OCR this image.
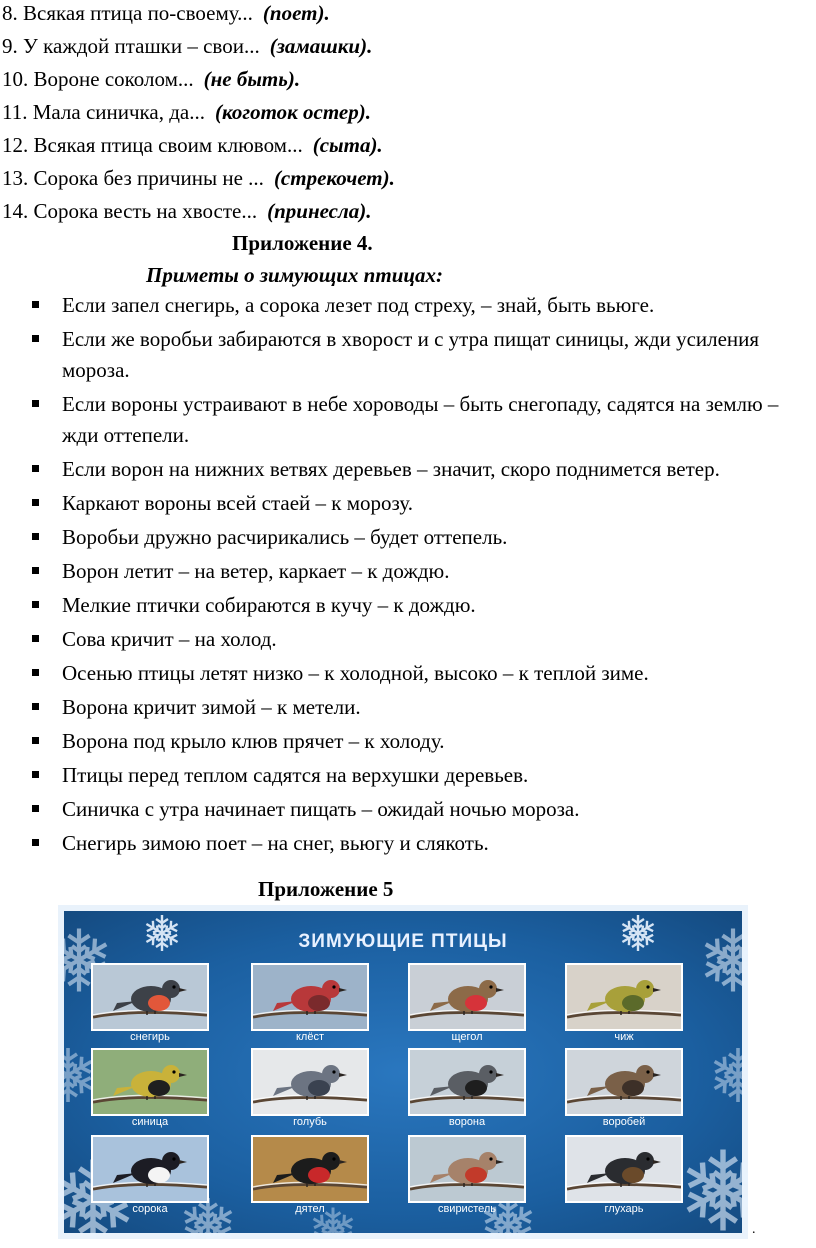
8. Всякая птица по-своему... (поет).
9. У каждой пташки – свои... (замашки).
10. Вороне соколом... (не быть).
11. Мала синичка, да... (коготок остер).
12. Всякая птица своим клювом... (сыта).
13. Сорока без причины не ... (стрекочет).
14. Сорока весть на хвосте... (принесла).
Приложение 4.
Приметы о зимующих птицах:
Если запел снегирь, а сорока лезет под стреху, – знай, быть вьюге.
Если же воробьи забираются в хворост и с утра пищат синицы, жди усиления мороза.
Если вороны устраивают в небе хороводы – быть снегопаду, садятся на землю – жди оттепели.
Если ворон на нижних ветвях деревьев – значит, скоро поднимется ветер.
Каркают вороны всей стаей – к морозу.
Воробьи дружно расчирикались – будет оттепель.
Ворон летит – на ветер, каркает – к дождю.
Мелкие птички собираются в кучу – к дождю.
Сова кричит – на холод.
Осенью птицы летят низко – к холодной, высоко – к теплой зиме.
Ворона кричит зимой – к метели.
Ворона под крыло клюв прячет – к холоду.
Птицы перед теплом садятся на верхушки деревьев.
Синичка с утра начинает пищать – ожидай ночью мороза.
Снегирь зимою поет – на снег, вьюгу и слякоть.
Приложение 5
ЗИМУЮЩИЕ ПТИЦЫ
снегирь	клёст	щегол	чиж
синица	голубь	ворона	воробей
сорока	дятел	свиристель	глухарь
.
